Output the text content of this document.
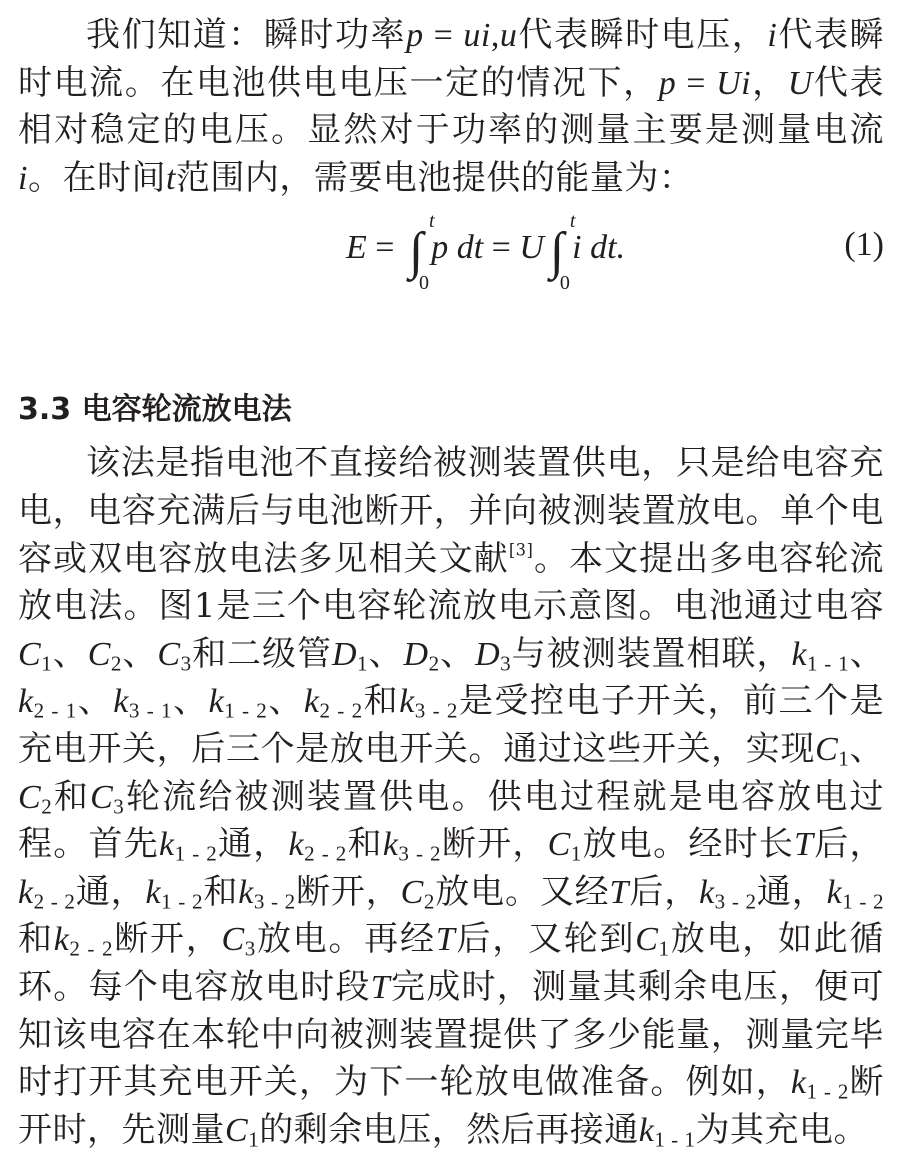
我们知道：瞬时功率p = ui,u代表瞬时电压，i代表瞬时电流。在电池供电电压一定的情况下，p = Ui，U代表相对稳定的电压。显然对于功率的测量主要是测量电流i。在时间t范围内，需要电池提供的能量为：

E = ∫
t
0
p dt = U ∫
t
0
i dt.	(1)
3.3 电容轮流放电法

该法是指电池不直接给被测装置供电，只是给电容充电，电容充满后与电池断开，并向被测装置放电。单个电容或双电容放电法多见相关文献[3]。本文提出多电容轮流放电法。图1是三个电容轮流放电示意图。电池通过电容$C_1$、$C_2$、$C_3$和二级管$D_1$、$D_2$、$D_3$与被测装置相联，$k_{1 - 1}$、$k_{2 - 1}$、$k_{3 - 1}$、$k_{1 - 2}$、$k_{2 - 2}$和$k_{3 - 2}$是受控电子开关，前三个是充电开关，后三个是放电开关。通过这些开关，实现$C_1$、$C_2$和$C_3$轮流给被测装置供电。供电过程就是电容放电过程。首先$k_{1 - 2}$通，$k_{2 - 2}$和$k_{3 - 2}$断开，$C_1$放电。经时长T后，$k_{2 - 2}$通，$k_{1 - 2}$和$k_{3 - 2}$断开，$C_2$放电。又经T后，$k_{3 - 2}$通，$k_{1 - 2}$和$k_{2 - 2}$断开，$C_3$放电。再经T后，又轮到$C_1$放电，如此循环。每个电容放电时段T完成时，测量其剩余电压，便可知该电容在本轮中向被测装置提供了多少能量，测量完毕时打开其充电开关，为下一轮放电做准备。例如，$k_{1 - 2}$断开时，先测量$C_1$的剩余电压，然后再接通$k_{1 - 1}$为其充电。
